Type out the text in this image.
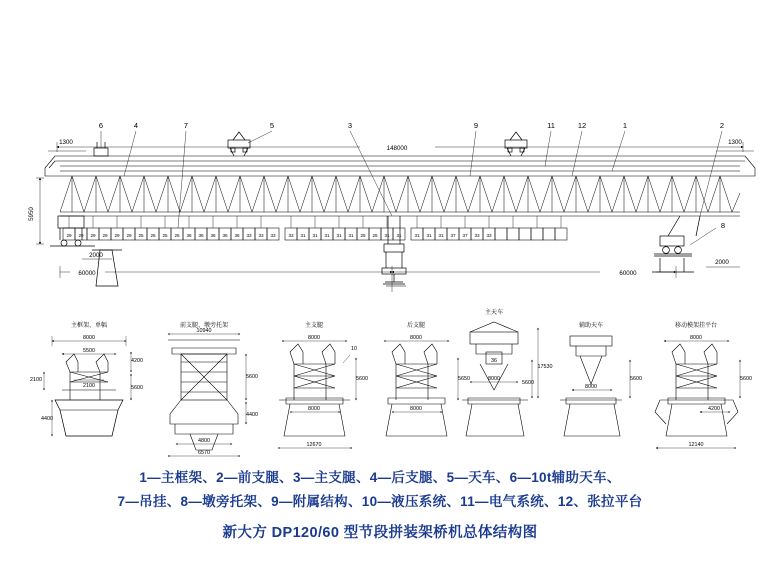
6	4	7	5	3	9	11	12	1	2
8
1300
148000
1300
5950
2000
2000
60000	60000
29 29 29 29 29 29 25 25 25 25 36 36 36 36 36 33 33 33	33 31 31 31 31 31 25 25 31 31	31 31 31 37 37 33 33
主框架、单幅	前支腿、墩旁托架	主支腿	后支腿
主天车
辅助天车	移动模架挂平台
8000
5500
4200
2100
2100	5600
4400
10940
5600
4400
4800
6570
8000
10
5600
8000
12670
8000
5650
8000
36
17530
5600
8000
8000
5600
8000
4200
5600
12140
1—主框架、2—前支腿、3—主支腿、4—后支腿、5—天车、6—10t辅助天车、
7—吊挂、8—墩旁托架、9—附属结构、10—液压系统、11—电气系统、12、张拉平台
新大方 DP120/60 型节段拼装架桥机总体结构图
